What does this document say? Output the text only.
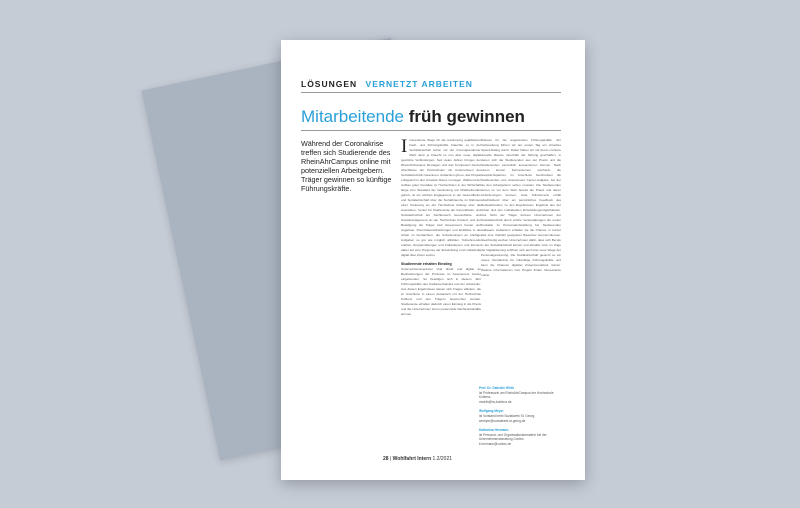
LÖSUNGEN VERNETZT ARBEITEN
Mitarbeitende früh gewinnen
Während der Coronakrise treffen sich Studierende des RheinAhrCampus online mit potenziellen Arbeitgebern. Träger gewinnen so künftige Führungskräfte.
I nteressierte Wege für die Gewinnung qualifizierter Fach- und Führungskräfte brauchte es in der Sozialwirtschaft schon vor der Coronapandemie. Mehr denn je braucht es nun aber neue, digital gestützte Verbindungen. Seit vielen Jahren bringen der RheinAhrCampus Remagen und das Kompetenz-Center Abschlüsse der Hochschulen mit Unternehmen der Sozialwirtschaft zusammen. Außerdem gilt es, das Projekt erfolgreich in den virtuellen Raum zu tragen. Während der Aufbau guter Kontakte zu Hochschulen in der Wirtschaft lange zum Standard der Gewinnung von Mitarbeitenden gehört, ist ein solches Engagement in der Gesundheits- und Sozialwirtschaft über die Sozialbranche im Rahmen einer Vorlesung an der Hochschule bislang eher die Ausnahme. Center für Studierende der Gesundheits- und Sozialwirtschaft am Fachbereich Gesundheits- und Sozialmanagement an der Hochschule Koblenz und der Beteiligung der Träger zielt Assessment Center und Angebote, Potenzialeinschätzungen und Einblicke in die Arbeit zu beobachten, die Anforderungen an künftige Aufgaben so gut wie möglich abbilden. Teilnehmende erleben Gruppenübungen und Fallanalysen und können dabei auf eine Prognose der Entwicklung rund vollständig digital über Zoom setzen.
Studierende erhalten Einstieg
Unternehmensvertreter sind direkt und digital an Beobachtungen der Prozesse im Assessment Center eingebunden. So beteiligen sich in diesem Jahr Führungskräfte des Caritasverbandes und der Johanniter. Aus diesen Ergebnissen lassen sich Fragen ableiten, die im Anschluss in einem Austausch mit der Hochschule Koblenz und den Trägern besprochen werden. Studierende erhalten dadurch einen Einstieg in die Praxis und die Unternehmen lernen potenzielle Nachwuchskräfte kennen.
Diskuss für die angehenden Führungskräfte. Zur Vorbereitung führen wir am ersten Tag ein virtuelles Speed-Dating durch. Dabei haben wir mit Zoom mehrere virtuelle Räume innerhalb der Sitzung geschaffen, in denen sich die Studierenden aus der Praxis und die Studierenden persönlich kennenlernen können. Nach einem kurzen Kennenlernen wechseln die Gesprächspartner. Im Anschluss beschreiben die Studierenden vom Assessment Center-Aufgabe, bei der sie den Arbeitgebern sehen mussten. Die Studierenden lernen so vor dem Start bereits die Praxis und deren Anforderungen kennen. Jede Teilnehmerin erhält abschließend über ein persönliches Feedback des Beobachtenden zu den Ergebnissen. Ergebnis aus der Arbeit und den individuellen Entwicklungsmöglichkeiten. Aus Sicht der Träger können Unternehmen der Sozialwirtschaft durch solche Veranstaltungen die ersten Kontakte zu Personalentwicklung bei Studierenden aufbauen. Außerdem erhalten sie die Chance, in kurzer Zeit eine Vielzahl geeigneter Bewerber kennenzulernen. Gleichzeitig werben Unternehmen dafür, dass sich Berufe in der Sozialwirtschaft lohnen und attraktiv sind. Im Zuge der Digitalisierung eröffnen sich auch hier neue Wege der Personalgewinnung. Die Sozialwirtschaft gewinnt so ein neues Verständnis für zukünftige Führungskräfte und kann die Chancen digitaler Zusammenarbeit nutzen. Weitere Informationen zum Projekt finden Interessierte online.
Prof. Dr. Gabriele Wirth
ist Professorin am RheinAhrCampus der Hochschule Koblenz.
mwirth@hs-koblenz.de
Wolfgang Meyer
ist Vorstand beim Sozialwerk St. Georg.
wmeyer@sozialwerk-st-georg.de
Katharina Hermann
ist Personal- und Organisationsberaterin bei der Unternehmensberatung Contec.
k.hermann@contec.de
28 | Wohlfahrt Intern 1.2/2021
